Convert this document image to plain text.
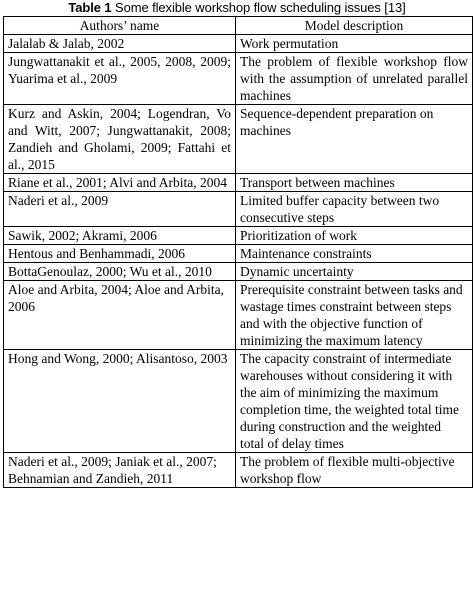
Table 1 Some flexible workshop flow scheduling issues [13]
Authors’ name	Model description
Jalalab & Jalab, 2002	Work permutation
Jungwattanakit et al., 2005, 2008, 2009; Yuarima et al., 2009	The problem of flexible workshop flow with the assumption of unrelated parallel machines
Kurz and Askin, 2004; Logendran, Vo and Witt, 2007; Jungwattanakit, 2008; Zandieh and Gholami, 2009; Fattahi et al., 2015	Sequence-dependent preparation on machines
Riane et al., 2001; Alvi and Arbita, 2004	Transport between machines
Naderi et al., 2009	Limited buffer capacity between two consecutive steps
Sawik, 2002; Akrami, 2006	Prioritization of work
Hentous and Benhammadi, 2006	Maintenance constraints
BottaGenoulaz, 2000; Wu et al., 2010	Dynamic uncertainty
Aloe and Arbita, 2004; Aloe and Arbita, 2006	Prerequisite constraint between tasks and wastage times constraint between steps and with the objective function of minimizing the maximum latency
Hong and Wong, 2000; Alisantoso, 2003	The capacity constraint of intermediate warehouses without considering it with the aim of minimizing the maximum completion time, the weighted total time during construction and the weighted total of delay times
Naderi et al., 2009; Janiak et al., 2007; Behnamian and Zandieh, 2011	The problem of flexible multi-objective workshop flow
